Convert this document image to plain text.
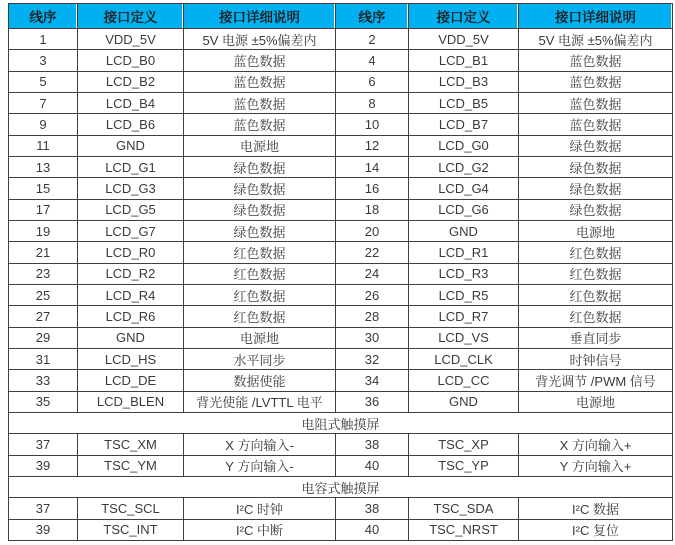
线序	接口定义	接口详细说明	线序	接口定义	接口详细说明
1	VDD_5V	5V 电源 ±5%偏差内	2	VDD_5V	5V 电源 ±5%偏差内
3	LCD_B0	蓝色数据	4	LCD_B1	蓝色数据
5	LCD_B2	蓝色数据	6	LCD_B3	蓝色数据
7	LCD_B4	蓝色数据	8	LCD_B5	蓝色数据
9	LCD_B6	蓝色数据	10	LCD_B7	蓝色数据
11	GND	电源地	12	LCD_G0	绿色数据
13	LCD_G1	绿色数据	14	LCD_G2	绿色数据
15	LCD_G3	绿色数据	16	LCD_G4	绿色数据
17	LCD_G5	绿色数据	18	LCD_G6	绿色数据
19	LCD_G7	绿色数据	20	GND	电源地
21	LCD_R0	红色数据	22	LCD_R1	红色数据
23	LCD_R2	红色数据	24	LCD_R3	红色数据
25	LCD_R4	红色数据	26	LCD_R5	红色数据
27	LCD_R6	红色数据	28	LCD_R7	红色数据
29	GND	电源地	30	LCD_VS	垂直同步
31	LCD_HS	水平同步	32	LCD_CLK	时钟信号
33	LCD_DE	数据使能	34	LCD_CC	背光调节 /PWM 信号
35	LCD_BLEN	背光使能 /LVTTL 电平	36	GND	电源地
电阻式触摸屏					
37	TSC_XM	X 方向输入-	38	TSC_XP	X 方向输入+
39	TSC_YM	Y 方向输入-	40	TSC_YP	Y 方向输入+
电容式触摸屏					
37	TSC_SCL	I²C 时钟	38	TSC_SDA	I²C 数据
39	TSC_INT	I²C 中断	40	TSC_NRST	I²C 复位
